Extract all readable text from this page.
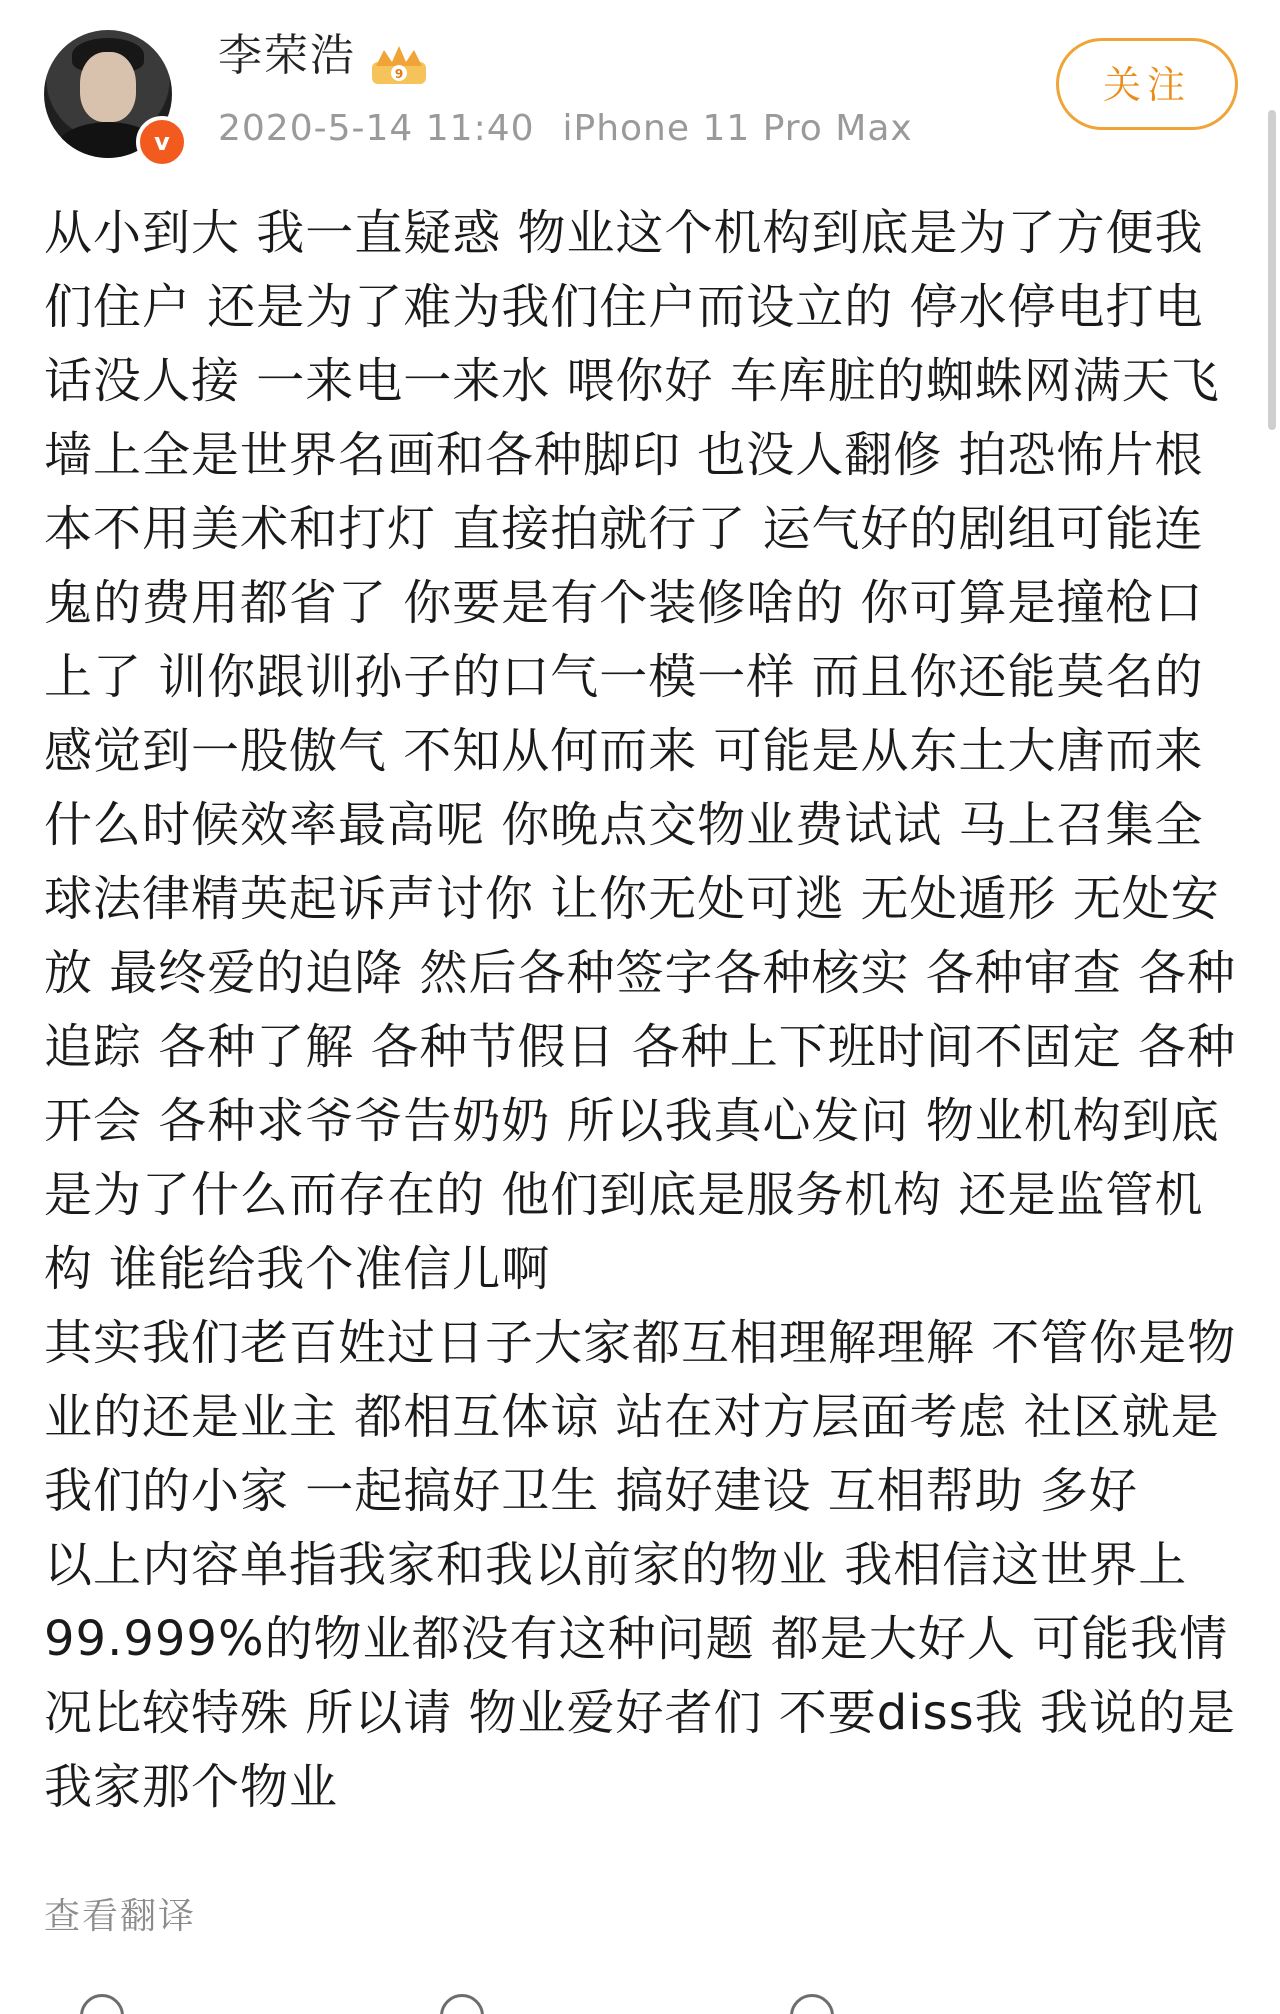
v
李荣浩	9
2020-5-14 11:40 iPhone 11 Pro Max
关注

从小到大 我一直疑惑 物业这个机构到底是为了方便我们住户 还是为了难为我们住户而设立的 停水停电打电话没人接 一来电一来水 喂你好 车库脏的蜘蛛网满天飞 墙上全是世界名画和各种脚印 也没人翻修 拍恐怖片根本不用美术和打灯 直接拍就行了 运气好的剧组可能连鬼的费用都省了 你要是有个装修啥的 你可算是撞枪口上了 训你跟训孙子的口气一模一样 而且你还能莫名的感觉到一股傲气 不知从何而来 可能是从东土大唐而来 什么时候效率最高呢 你晚点交物业费试试 马上召集全球法律精英起诉声讨你 让你无处可逃 无处遁形 无处安放 最终爱的迫降 然后各种签字各种核实 各种审查 各种追踪 各种了解 各种节假日 各种上下班时间不固定 各种开会 各种求爷爷告奶奶 所以我真心发问 物业机构到底是为了什么而存在的 他们到底是服务机构 还是监管机构 谁能给我个准信儿啊

其实我们老百姓过日子大家都互相理解理解 不管你是物业的还是业主 都相互体谅 站在对方层面考虑 社区就是我们的小家 一起搞好卫生 搞好建设 互相帮助 多好

以上内容单指我家和我以前家的物业 我相信这世界上 99.999%的物业都没有这种问题 都是大好人 可能我情况比较特殊 所以请 物业爱好者们 不要diss我 我说的是我家那个物业

查看翻译
